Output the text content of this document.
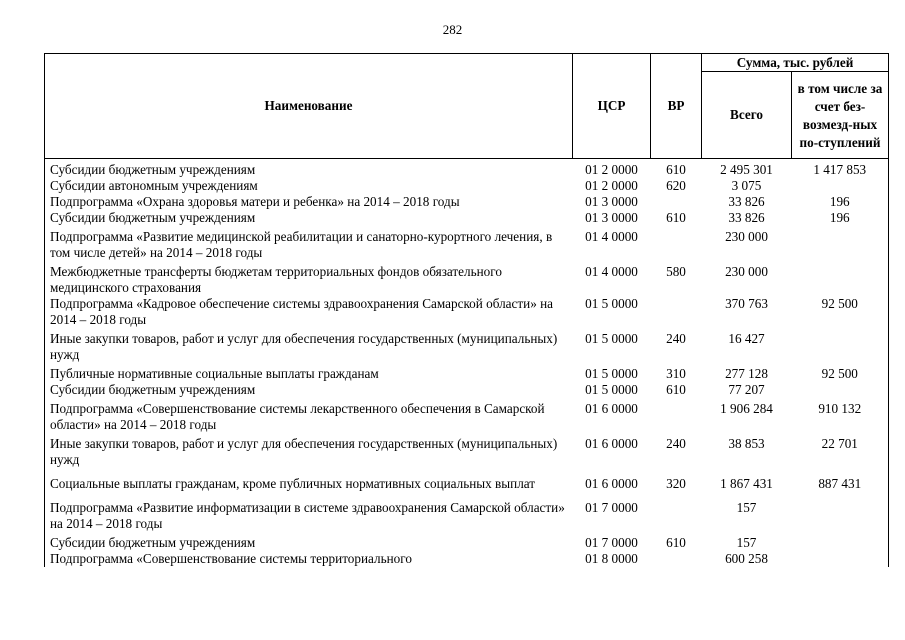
282
Наименование	ЦСР	ВР	Сумма, тыс. рублей	
			Всего	в том числе за счет без-возмезд-ных по-ступлений
Субсидии бюджетным учреждениям	01 2 0000	610	2 495 301	1 417 853
Субсидии автономным учреждениям	01 2 0000	620	3 075	
Подпрограмма «Охрана здоровья матери и ребенка» на 2014 – 2018 годы	01 3 0000		33 826	196
Субсидии бюджетным учреждениям	01 3 0000	610	33 826	196
Подпрограмма «Развитие медицинской реабилитации и санаторно-курортного лечения, в том числе детей» на 2014 – 2018 годы	01 4 0000		230 000	
Межбюджетные трансферты бюджетам территориальных фондов обязательного медицинского страхования	01 4 0000	580	230 000	
Подпрограмма «Кадровое обеспечение системы здравоохранения Самарской области» на 2014 – 2018 годы	01 5 0000		370 763	92 500
Иные закупки товаров, работ и услуг для обеспечения государственных (муниципальных) нужд	01 5 0000	240	16 427	
Публичные нормативные социальные выплаты гражданам	01 5 0000	310	277 128	92 500
Субсидии бюджетным учреждениям	01 5 0000	610	77 207	
Подпрограмма «Совершенствование системы лекарственного обеспечения в Самарской области» на 2014 – 2018 годы	01 6 0000		1 906 284	910 132
Иные закупки товаров, работ и услуг для обеспечения государственных (муниципальных) нужд	01 6 0000	240	38 853	22 701
Социальные выплаты гражданам, кроме публичных нормативных социальных выплат	01 6 0000	320	1 867 431	887 431
Подпрограмма «Развитие информатизации в системе здравоохранения Самарской области» на 2014 – 2018 годы	01 7 0000		157	
Субсидии бюджетным учреждениям	01 7 0000	610	157	
Подпрограмма «Совершенствование системы территориального	01 8 0000		600 258	
